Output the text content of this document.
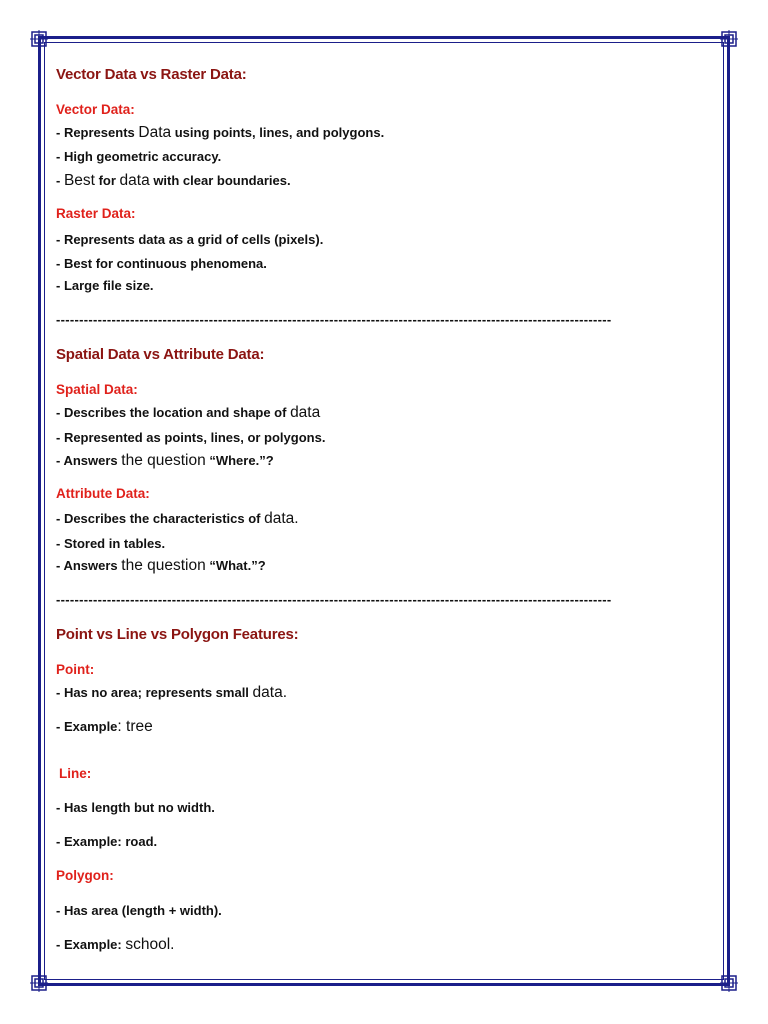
Vector Data vs Raster Data:
Vector Data:
- Represents Data using points, lines, and polygons.
- High geometric accuracy.
- Best for data with clear boundaries.
Raster Data:
- Represents data as a grid of cells (pixels).
- Best for continuous phenomena.
- Large file size.
------------------------------------------------------------------------------------------------------------------------
Spatial Data vs Attribute Data:
Spatial Data:
- Describes the location and shape of data
- Represented as points, lines, or polygons.
- Answers the question “Where.”?
Attribute Data:
- Describes the characteristics of data.
- Stored in tables.
- Answers the question “What.”?
------------------------------------------------------------------------------------------------------------------------
Point vs Line vs Polygon Features:
Point:
- Has no area; represents small data.
- Example: tree
Line:
- Has length but no width.
- Example: road.
Polygon:
- Has area (length + width).
- Example: school.
